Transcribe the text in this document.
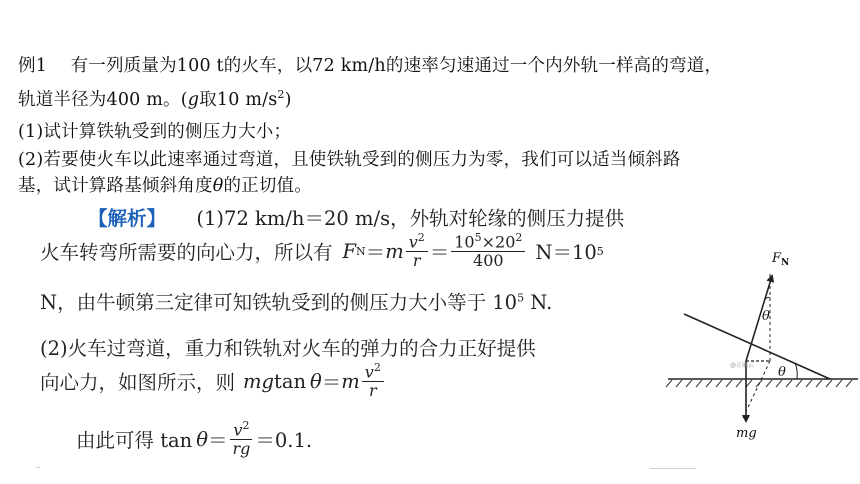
例1 有一列质量为100 t的火车，以72 km/h的速率匀速通过一个内外轨一样高的弯道，
轨道半径为400 m。(g取10 $m/s^2$)
(1)试计算铁轨受到的侧压力大小；
(2)若要使火车以此速率通过弯道，且使铁轨受到的侧压力为零，我们可以适当倾斜路
基，试计算路基倾斜角度θ的正切值。
【解析】 (1)72 km/h＝20 m/s，外轨对轮缘的侧压力提供
火车转弯所需要的向心力，所以有 F N ＝ m $\frac{v^2}{r} = \frac{10^5\times 20^2}{400} N=10$ 5
N，由牛顿第三定律可知铁轨受到的侧压力大小等于 $10^5$ N.
(2)火车过弯道，重力和铁轨对火车的弹力的合力正好提供
向心力，如图所示，则 mg tan θ ＝ m $\frac{v^2}{r}$
由此可得 $\tan \theta = \frac{v^2}{rg} =0.1$.
$F_N$
θ
θ
mg
@正确云
